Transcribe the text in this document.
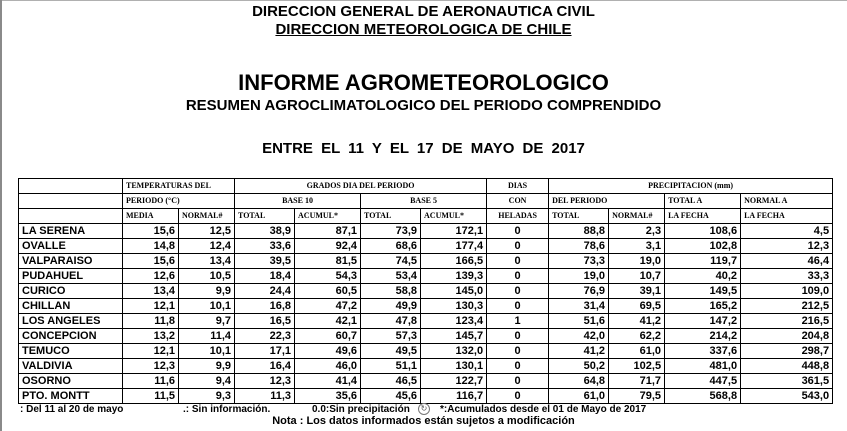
DIRECCION GENERAL DE AERONAUTICA CIVIL
DIRECCION METEOROLOGICA DE CHILE
INFORME AGROMETEOROLOGICO
RESUMEN AGROCLIMATOLOGICO DEL PERIODO COMPRENDIDO
ENTRE EL 11 Y EL 17 DE MAYO DE 2017
	TEMPERATURAS DEL		GRADOS DIA DEL PERIODO				DIAS	PRECIPITACION (mm)			
	PERIODO (°C)		BASE 10		BASE 5		CON	DEL PERIODO		TOTAL A	NORMAL A
	MEDIA	NORMAL#	TOTAL	ACUMUL*	TOTAL	ACUMUL*	HELADAS	TOTAL	NORMAL#	LA FECHA	LA FECHA
LA SERENA	15,6	12,5	38,9	87,1	73,9	172,1	0	88,8	2,3	108,6	4,5
OVALLE	14,8	12,4	33,6	92,4	68,6	177,4	0	78,6	3,1	102,8	12,3
VALPARAISO	15,6	13,4	39,5	81,5	74,5	166,5	0	73,3	19,0	119,7	46,4
PUDAHUEL	12,6	10,5	18,4	54,3	53,4	139,3	0	19,0	10,7	40,2	33,3
CURICO	13,4	9,9	24,4	60,5	58,8	145,0	0	76,9	39,1	149,5	109,0
CHILLAN	12,1	10,1	16,8	47,2	49,9	130,3	0	31,4	69,5	165,2	212,5
LOS ANGELES	11,8	9,7	16,5	42,1	47,8	123,4	1	51,6	41,2	147,2	216,5
CONCEPCION	13,2	11,4	22,3	60,7	57,3	145,7	0	42,0	62,2	214,2	204,8
TEMUCO	12,1	10,1	17,1	49,6	49,5	132,0	0	41,2	61,0	337,6	298,7
VALDIVIA	12,3	9,9	16,4	46,0	51,1	130,1	0	50,2	102,5	481,0	448,8
OSORNO	11,6	9,4	12,3	41,4	46,5	122,7	0	64,8	71,7	447,5	361,5
PTO. MONTT	11,5	9,3	11,3	35,6	45,6	116,7	0	61,0	79,5	568,8	543,0
: Del 11 al 20 de mayo	.: Sin información.	0.0:Sin precipitación	*:Acumulados desde el 01 de Mayo de 2017
Nota : Los datos informados están sujetos a modificación
↻
